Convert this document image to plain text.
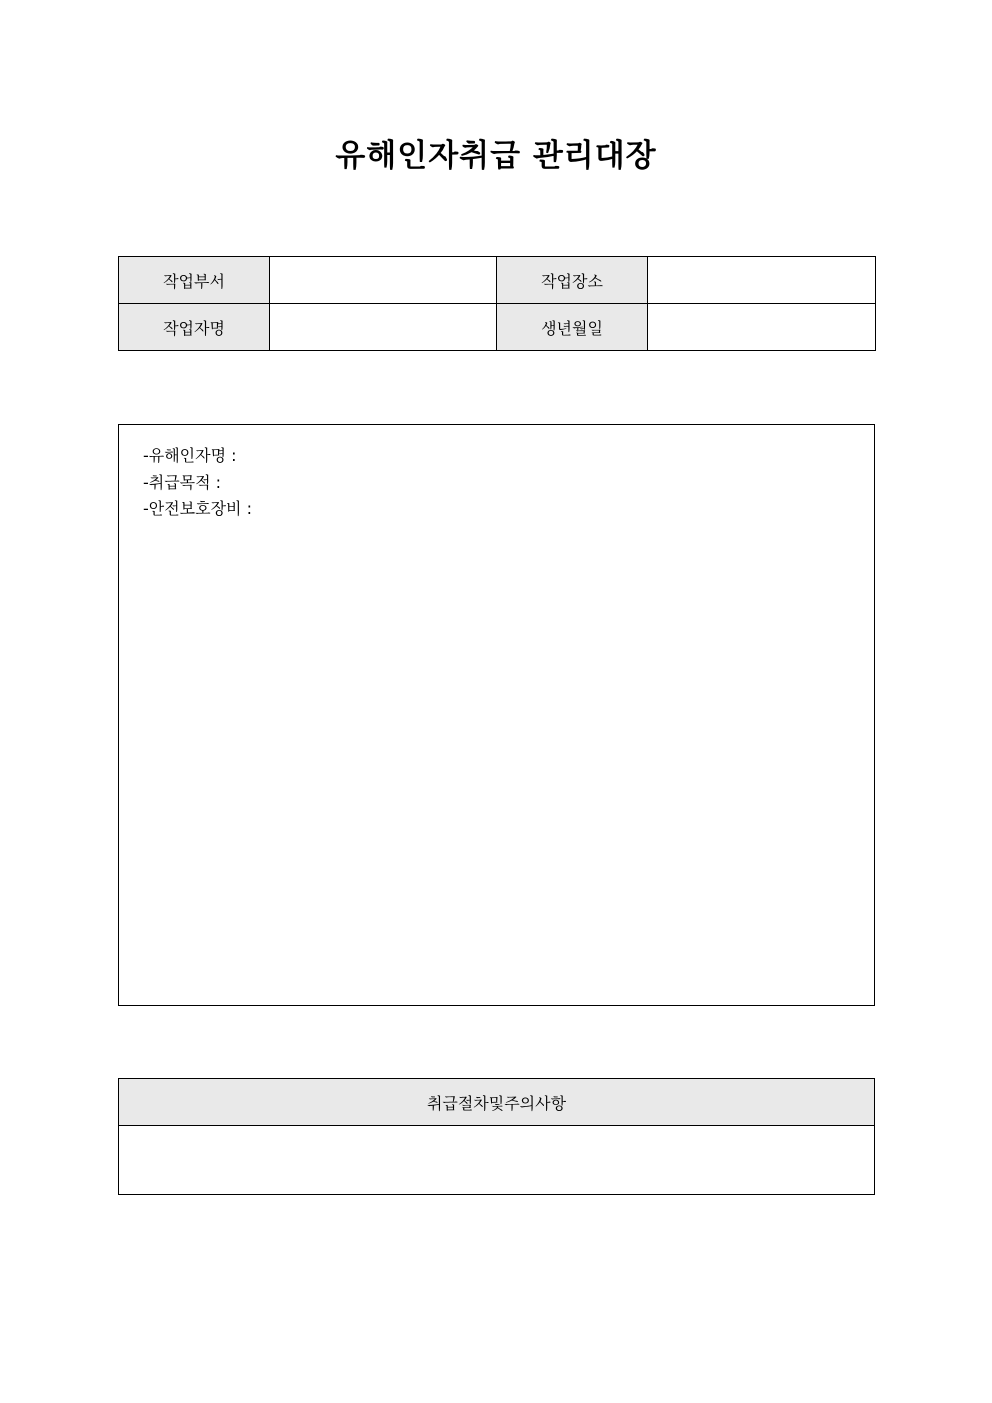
유해인자취급 관리대장
작업부서		작업장소	
작업자명		생년월일	
-유해인자명 :
-취급목적 :
-안전보호장비 :
취급절차및주의사항
